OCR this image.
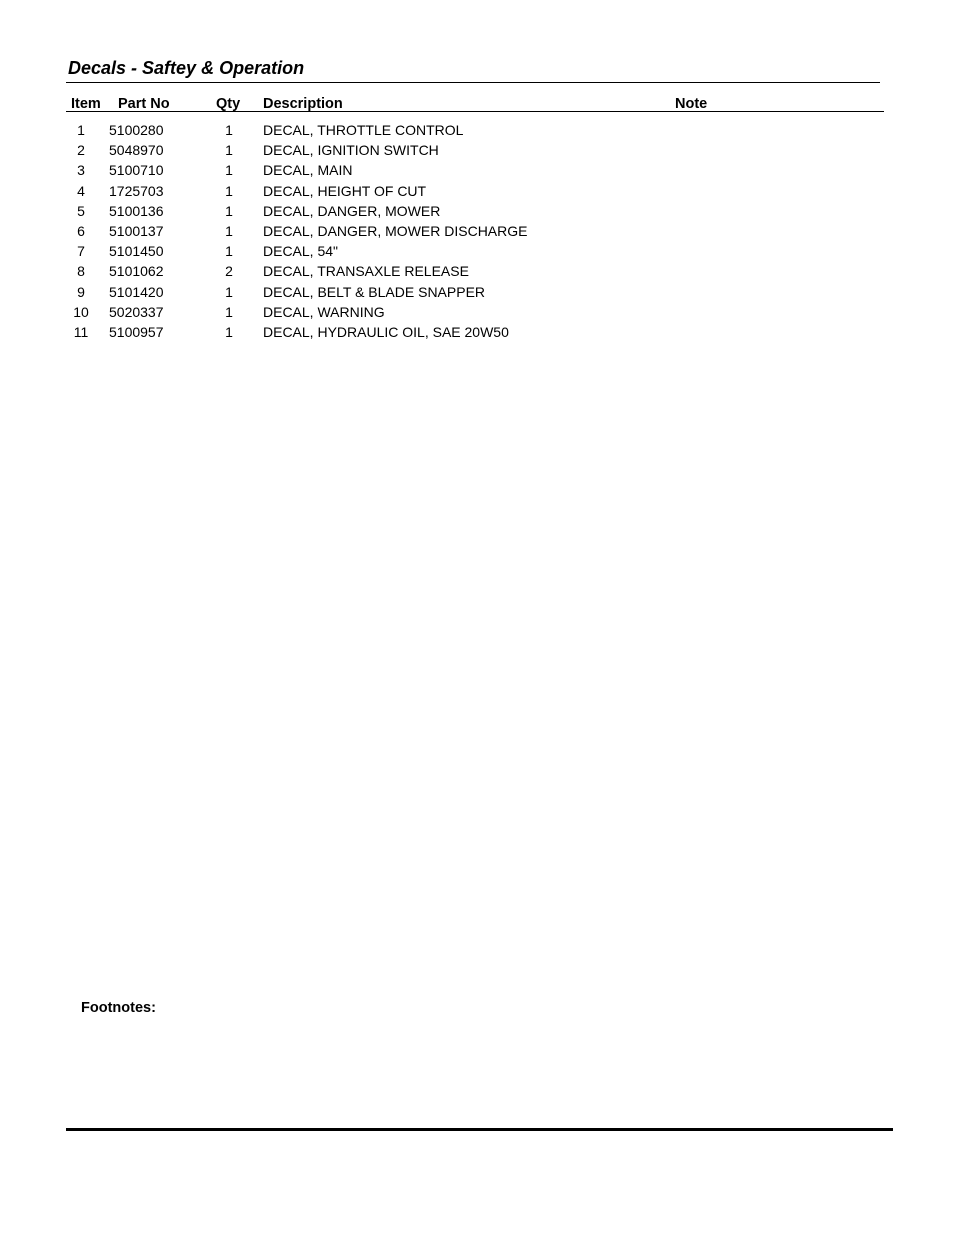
Decals - Saftey & Operation
Item Part No	Qty Description	Note
1	5100280	1	DECAL, THROTTLE CONTROL
2	5048970	1	DECAL, IGNITION SWITCH
3	5100710	1	DECAL, MAIN
4	1725703	1	DECAL, HEIGHT OF CUT
5	5100136	1	DECAL, DANGER, MOWER
6	5100137	1	DECAL, DANGER, MOWER DISCHARGE
7	5101450	1	DECAL, 54"
8	5101062	2	DECAL, TRANSAXLE RELEASE
9	5101420	1	DECAL, BELT & BLADE SNAPPER
10	5020337	1	DECAL, WARNING
11	5100957	1	DECAL, HYDRAULIC OIL, SAE 20W50
Footnotes:
